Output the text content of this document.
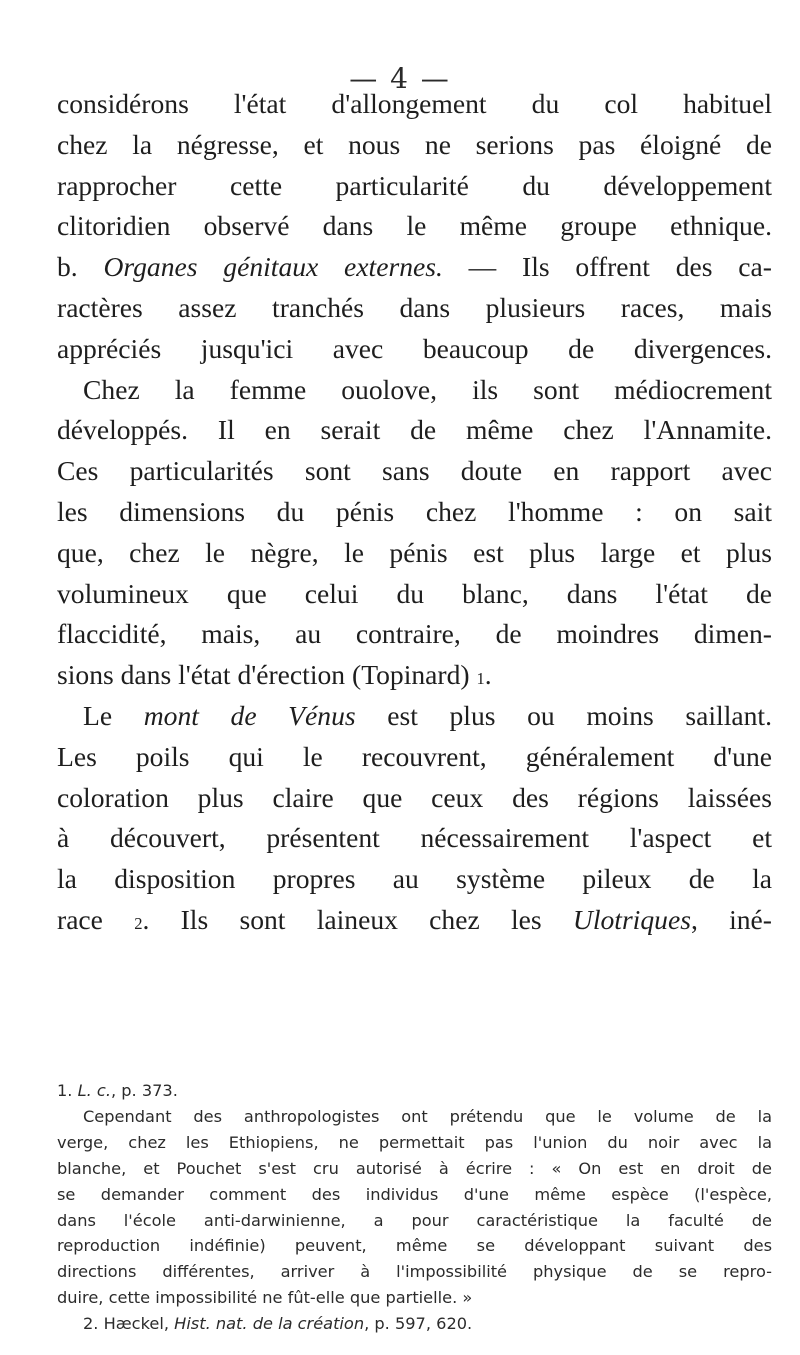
— 4 —
considérons l'état d'allongement du col habituel
chez la négresse, et nous ne serions pas éloigné de
rapprocher cette particularité du développement
clitoridien observé dans le même groupe ethnique.
b. Organes génitaux externes. — Ils offrent des ca-
ractères assez tranchés dans plusieurs races, mais
appréciés jusqu'ici avec beaucoup de divergences.
Chez la femme ouolove, ils sont médiocrement
développés. Il en serait de même chez l'Annamite.
Ces particularités sont sans doute en rapport avec
les dimensions du pénis chez l'homme : on sait
que, chez le nègre, le pénis est plus large et plus
volumineux que celui du blanc, dans l'état de
flaccidité, mais, au contraire, de moindres dimen-
sions dans l'état d'érection (Topinard) $^1$.
Le mont de Vénus est plus ou moins saillant.
Les poils qui le recouvrent, généralement d'une
coloration plus claire que ceux des régions laissées
à découvert, présentent nécessairement l'aspect et
la disposition propres au système pileux de la
race $^2$. Ils sont laineux chez les Ulotriques, iné-
1. L. c., p. 373.
Cependant des anthropologistes ont prétendu que le volume de la
verge, chez les Ethiopiens, ne permettait pas l'union du noir avec la
blanche, et Pouchet s'est cru autorisé à écrire : « On est en droit de
se demander comment des individus d'une même espèce (l'espèce,
dans l'école anti-darwinienne, a pour caractéristique la faculté de
reproduction indéfinie) peuvent, même se développant suivant des
directions différentes, arriver à l'impossibilité physique de se repro-
duire, cette impossibilité ne fût-elle que partielle. »
2. Hæckel, Hist. nat. de la création, p. 597, 620.
